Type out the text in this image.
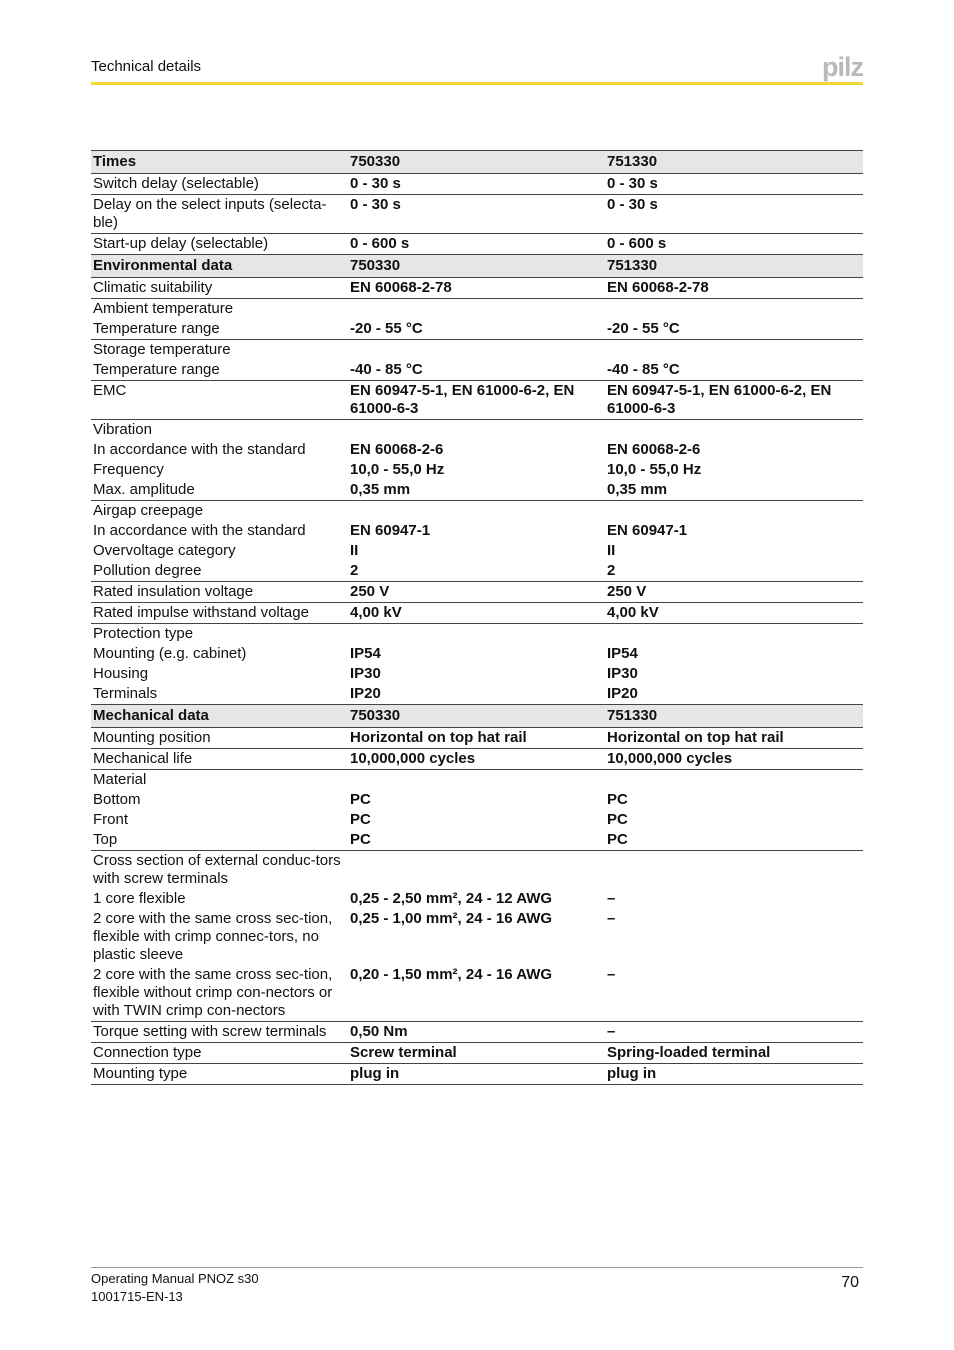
Technical details	pilz
Times	750330	751330
Switch delay (selectable)	0 - 30 s	0 - 30 s
Delay on the select inputs (selecta-ble)	0 - 30 s	0 - 30 s
Start-up delay (selectable)	0 - 600 s	0 - 600 s
Environmental data	750330	751330
Climatic suitability	EN 60068-2-78	EN 60068-2-78
Ambient temperature		
Temperature range	-20 - 55 °C	-20 - 55 °C
Storage temperature		
Temperature range	-40 - 85 °C	-40 - 85 °C
EMC	EN 60947-5-1, EN 61000-6-2, EN 61000-6-3	EN 60947-5-1, EN 61000-6-2, EN 61000-6-3
Vibration		
In accordance with the standard	EN 60068-2-6	EN 60068-2-6
Frequency	10,0 - 55,0 Hz	10,0 - 55,0 Hz
Max. amplitude	0,35 mm	0,35 mm
Airgap creepage		
In accordance with the standard	EN 60947-1	EN 60947-1
Overvoltage category	II	II
Pollution degree	2	2
Rated insulation voltage	250 V	250 V
Rated impulse withstand voltage	4,00 kV	4,00 kV
Protection type		
Mounting (e.g. cabinet)	IP54	IP54
Housing	IP30	IP30
Terminals	IP20	IP20
Mechanical data	750330	751330
Mounting position	Horizontal on top hat rail	Horizontal on top hat rail
Mechanical life	10,000,000 cycles	10,000,000 cycles
Material		
Bottom	PC	PC
Front	PC	PC
Top	PC	PC
Cross section of external conduc-tors with screw terminals		
1 core flexible	0,25 - 2,50 mm², 24 - 12 AWG	–
2 core with the same cross sec-tion, flexible with crimp connec-tors, no plastic sleeve	0,25 - 1,00 mm², 24 - 16 AWG	–
2 core with the same cross sec-tion, flexible without crimp con-nectors or with TWIN crimp con-nectors	0,20 - 1,50 mm², 24 - 16 AWG	–
Torque setting with screw terminals	0,50 Nm	–
Connection type	Screw terminal	Spring-loaded terminal
Mounting type	plug in	plug in
Operating Manual PNOZ s30
1001715-EN-13
70
